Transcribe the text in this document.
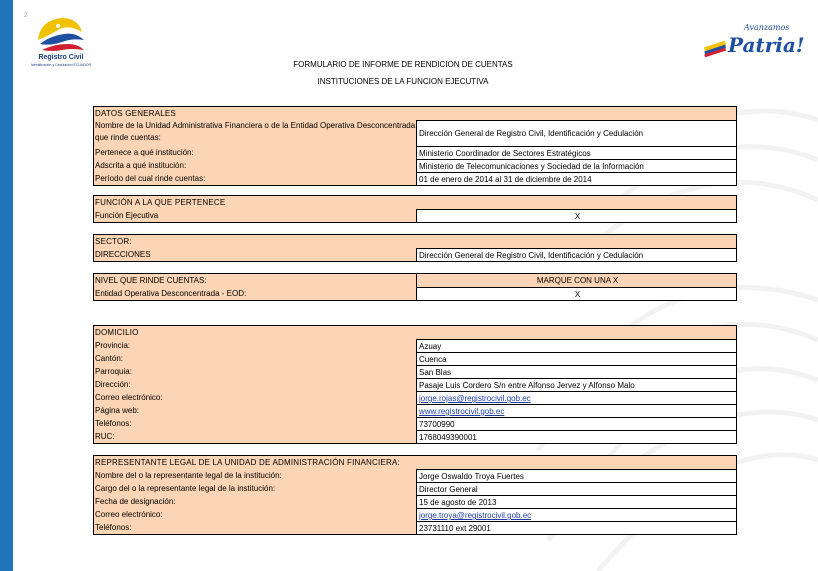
2
Registro Civil
Identificación y Cedulación ECUADOR
Avanzamos
Patria!
FORMULARIO DE INFORME DE RENDICION DE CUENTAS
INSTITUCIONES DE LA FUNCION EJECUTIVA
DATOS GENERALES
Nombre de la Unidad Administrativa Financiera o de la Entidad Operativa Desconcentrada que rinde cuentas:	Dirección General de Registro Civil, Identificación y Cedulación
Pertenece a qué institución:	Ministerio Coordinador de Sectores Estratégicos
Adscrita a qué institución:	Ministerio de Telecomunicaciones y Sociedad de la Información
Período del cual rinde cuentas:	01 de enero de 2014 al 31 de diciembre de 2014
FUNCIÓN A LA QUE PERTENECE
Función Ejecutiva	X
SECTOR:
DIRECCIONES	Dirección General de Registro Civil, Identificación y Cedulación
NIVEL QUE RINDE CUENTAS:	MARQUE CON UNA X
Entidad Operativa Desconcentrada - EOD:	X
DOMICILIO
Provincia:	Azuay
Cantón:	Cuenca
Parroquia:	San Blas
Dirección:	Pasaje Luis Cordero S/n entre Alfonso Jervez y Alfonso Malo
Correo electrónico:	jorge.rojas@registrocivil.gob.ec
Página web:	www.registrocivil.gob.ec
Teléfonos:	73700990
RUC:	1768049390001
REPRESENTANTE LEGAL DE LA UNIDAD DE ADMINISTRACIÓN FINANCIERA:
Nombre del o la representante legal de la institución:	Jorge Oswaldo Troya Fuertes
Cargo del o la representante legal de la institución:	Director General
Fecha de designación:	15 de agosto de 2013
Correo electrónico:	jorge.troya@registrocivil.gob.ec
Teléfonos:	23731110 ext 29001
